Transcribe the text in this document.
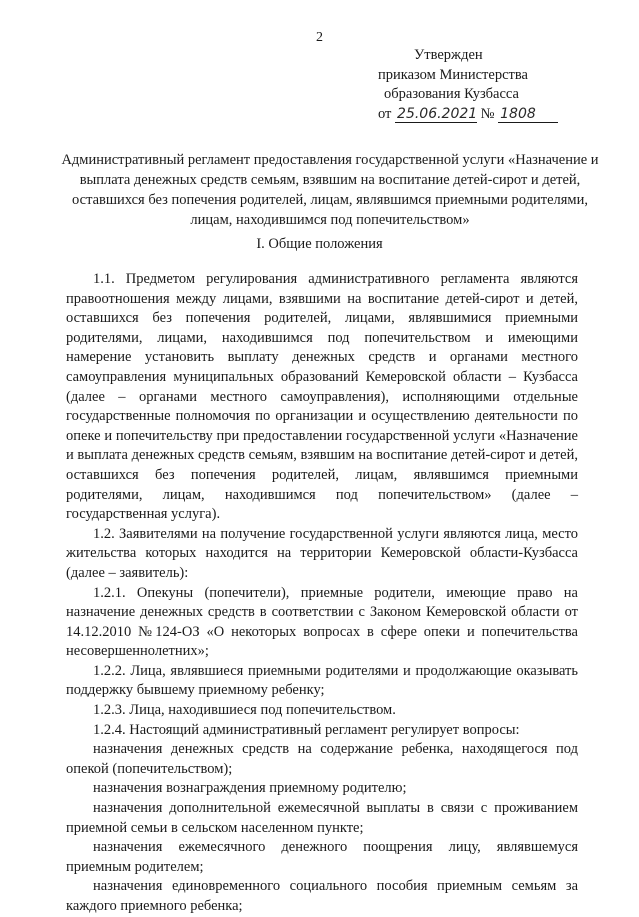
2
Утвержден
приказом Министерства
образования Кузбасса
от 25.06.2021 № 1808
Административный регламент предоставления государственной услуги «Назначение и выплата денежных средств семьям, взявшим на воспитание детей-сирот и детей, оставшихся без попечения родителей, лицам, являвшимся приемными родителями, лицам, находившимся под попечительством»
I. Общие положения

1.1. Предметом регулирования административного регламента являются правоотношения между лицами, взявшими на воспитание детей-сирот и детей, оставшихся без попечения родителей, лицами, являвшимися приемными родителями, лицами, находившимся под попечительством и имеющими намерение установить выплату денежных средств и органами местного самоуправления муниципальных образований Кемеровской области – Кузбасса (далее – органами местного самоуправления), исполняющими отдельные государственные полномочия по организации и осуществлению деятельности по опеке и попечительству при предоставлении государственной услуги «Назначение и выплата денежных средств семьям, взявшим на воспитание детей-сирот и детей, оставшихся без попечения родителей, лицам, являвшимся приемными родителями, лицам, находившимся под попечительством» (далее – государственная услуга).

1.2. Заявителями на получение государственной услуги являются лица, место жительства которых находится на территории Кемеровской области-Кузбасса (далее – заявитель):

1.2.1. Опекуны (попечители), приемные родители, имеющие право на назначение денежных средств в соответствии с Законом Кемеровской области от 14.12.2010 №124-ОЗ «О некоторых вопросах в сфере опеки и попечительства несовершеннолетних»;

1.2.2. Лица, являвшиеся приемными родителями и продолжающие оказывать поддержку бывшему приемному ребенку;

1.2.3. Лица, находившиеся под попечительством.

1.2.4. Настоящий административный регламент регулирует вопросы:

назначения денежных средств на содержание ребенка, находящегося под опекой (попечительством);

назначения вознаграждения приемному родителю;

назначения дополнительной ежемесячной выплаты в связи с проживанием приемной семьи в сельском населенном пункте;

назначения ежемесячного денежного поощрения лицу, являвшемуся приемным родителем;

назначения единовременного социального пособия приемным семьям за каждого приемного ребенка;
